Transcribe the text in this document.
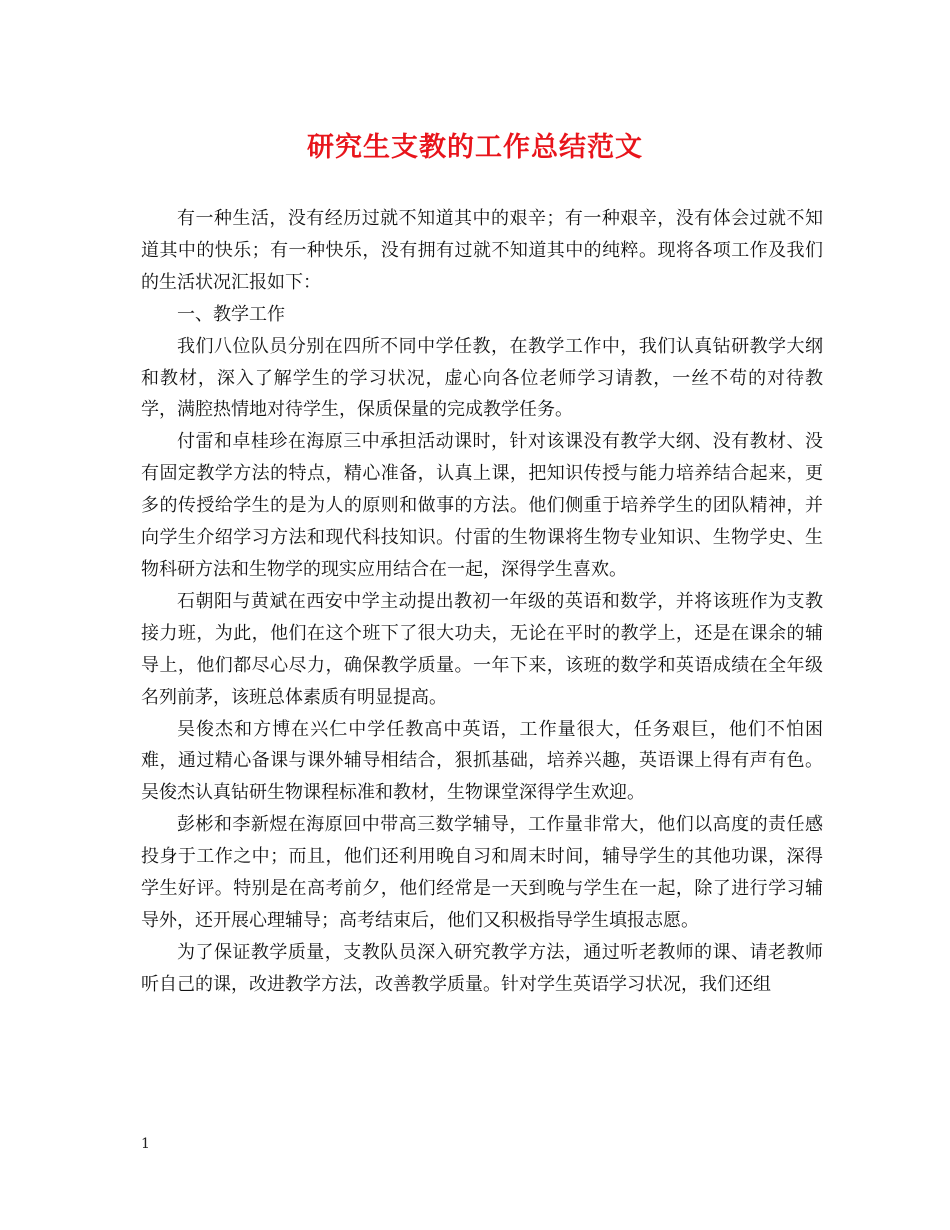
研究生支教的工作总结范文

有一种生活，没有经历过就不知道其中的艰辛；有一种艰辛，没有体会过就不知道其中的快乐；有一种快乐，没有拥有过就不知道其中的纯粹。现将各项工作及我们的生活状况汇报如下：

一、教学工作

我们八位队员分别在四所不同中学任教，在教学工作中，我们认真钻研教学大纲和教材，深入了解学生的学习状况，虚心向各位老师学习请教，一丝不苟的对待教学，满腔热情地对待学生，保质保量的完成教学任务。

付雷和卓桂珍在海原三中承担活动课时，针对该课没有教学大纲、没有教材、没有固定教学方法的特点，精心准备，认真上课，把知识传授与能力培养结合起来，更多的传授给学生的是为人的原则和做事的方法。他们侧重于培养学生的团队精神，并向学生介绍学习方法和现代科技知识。付雷的生物课将生物专业知识、生物学史、生物科研方法和生物学的现实应用结合在一起，深得学生喜欢。

石朝阳与黄斌在西安中学主动提出教初一年级的英语和数学，并将该班作为支教接力班，为此，他们在这个班下了很大功夫，无论在平时的教学上，还是在课余的辅导上，他们都尽心尽力，确保教学质量。一年下来，该班的数学和英语成绩在全年级名列前茅，该班总体素质有明显提高。

吴俊杰和方博在兴仁中学任教高中英语，工作量很大，任务艰巨，他们不怕困难，通过精心备课与课外辅导相结合，狠抓基础，培养兴趣，英语课上得有声有色。吴俊杰认真钻研生物课程标准和教材，生物课堂深得学生欢迎。

彭彬和李新煜在海原回中带高三数学辅导，工作量非常大，他们以高度的责任感投身于工作之中；而且，他们还利用晚自习和周末时间，辅导学生的其他功课，深得学生好评。特别是在高考前夕，他们经常是一天到晚与学生在一起，除了进行学习辅导外，还开展心理辅导；高考结束后，他们又积极指导学生填报志愿。

为了保证教学质量，支教队员深入研究教学方法，通过听老教师的课、请老教师听自己的课，改进教学方法，改善教学质量。针对学生英语学习状况，我们还组

1
